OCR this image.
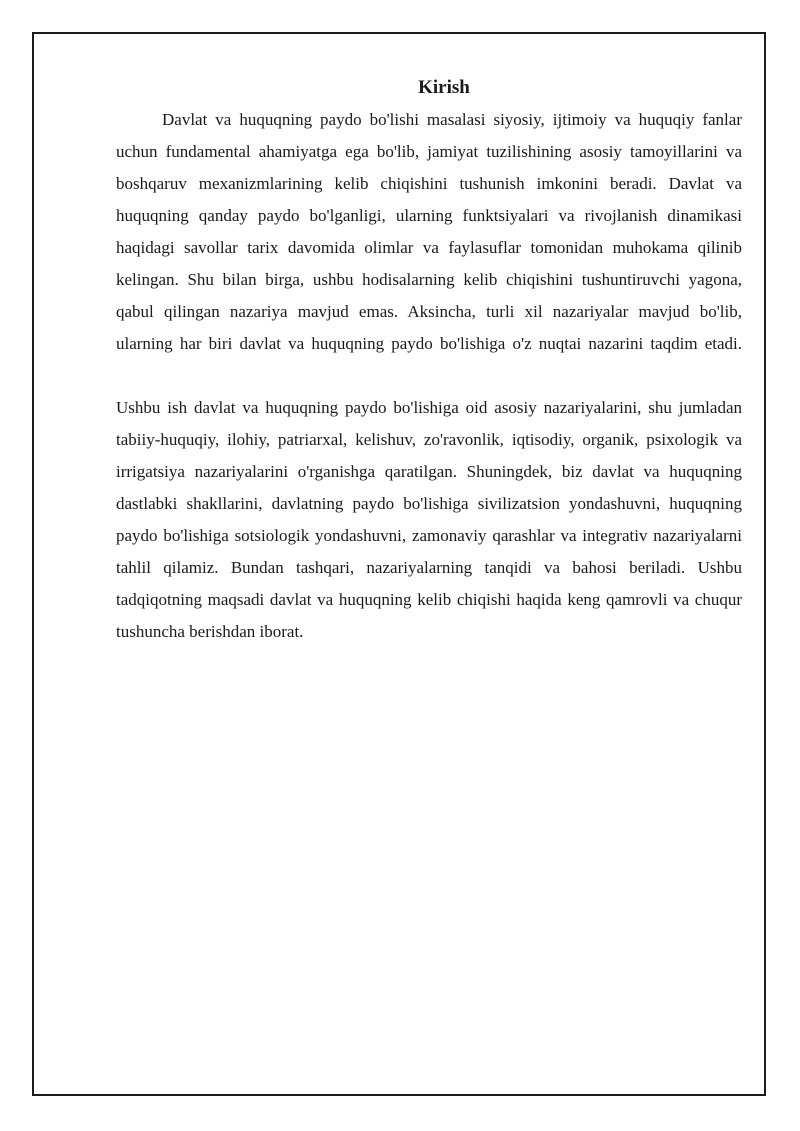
Kirish

Davlat va huquqning paydo bo'lishi masalasi siyosiy, ijtimoiy va huquqiy fanlar uchun fundamental ahamiyatga ega bo'lib, jamiyat tuzilishining asosiy tamoyillarini va boshqaruv mexanizmlarining kelib chiqishini tushunish imkonini beradi. Davlat va huquqning qanday paydo bo'lganligi, ularning funktsiyalari va rivojlanish dinamikasi haqidagi savollar tarix davomida olimlar va faylasuflar tomonidan muhokama qilinib kelingan. Shu bilan birga, ushbu hodisalarning kelib chiqishini tushuntiruvchi yagona, qabul qilingan nazariya mavjud emas. Aksincha, turli xil nazariyalar mavjud bo'lib, ularning har biri davlat va huquqning paydo bo'lishiga o'z nuqtai nazarini taqdim etadi.

Ushbu ish davlat va huquqning paydo bo'lishiga oid asosiy nazariyalarini, shu jumladan tabiiy-huquqiy, ilohiy, patriarxal, kelishuv, zo'ravonlik, iqtisodiy, organik, psixologik va irrigatsiya nazariyalarini o'rganishga qaratilgan. Shuningdek, biz davlat va huquqning dastlabki shakllarini, davlatning paydo bo'lishiga sivilizatsion yondashuvni, huquqning paydo bo'lishiga sotsiologik yondashuvni, zamonaviy qarashlar va integrativ nazariyalarni tahlil qilamiz. Bundan tashqari, nazariyalarning tanqidi va bahosi beriladi. Ushbu tadqiqotning maqsadi davlat va huquqning kelib chiqishi haqida keng qamrovli va chuqur tushuncha berishdan iborat.
